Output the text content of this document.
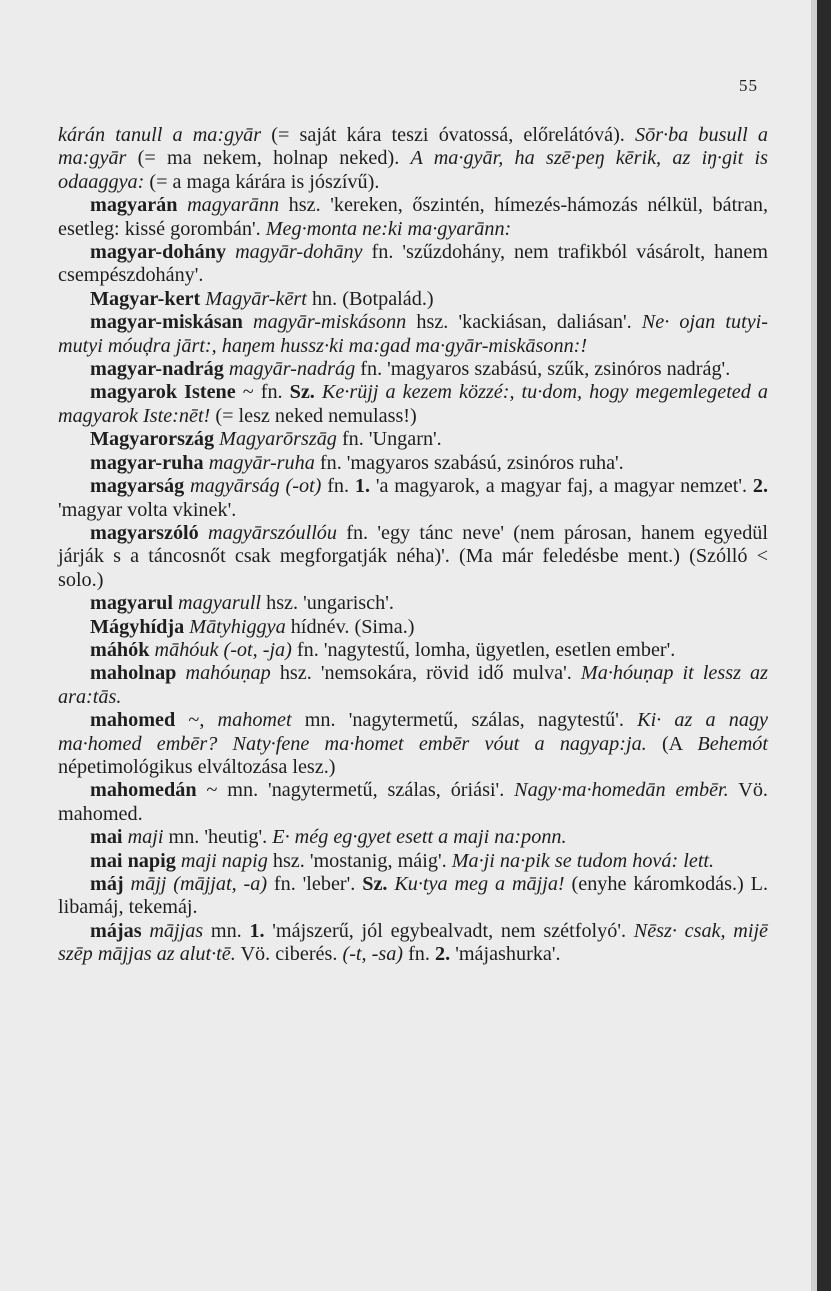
55

kárán tanull a ma:gyār (= saját kára teszi óvatossá, előrelátóvá). Sōr·ba busull a ma:gyār (= ma nekem, holnap neked). A ma·gyār, ha szē·peŋ kērik, az iŋ·git is odaaggya: (= a maga kárára is jószívű).

magyarán magyarānn hsz. 'kereken, őszintén, hímezés-hámozás nélkül, bátran, esetleg: kissé gorombán'. Meg·monta ne:ki ma·gyarānn:

magyar-dohány magyār-dohāny fn. 'szűzdohány, nem trafikból vásárolt, hanem csempészdohány'.

Magyar-kert Magyār-kērt hn. (Botpalád.)

magyar-miskásan magyār-miskásonn hsz. 'kackiásan, daliásan'. Ne· ojan tutyi-mutyi móuḑra jārt:, haŋem hussz·ki ma:gad ma·gyār-miskāsonn:!

magyar-nadrág magyār-nadrág fn. 'magyaros szabású, szűk, zsinóros nadrág'.

magyarok Istene ~ fn. Sz. Ke·rüjj a kezem közzé:, tu·dom, hogy megemlegeted a magyarok Iste:nēt! (= lesz neked nemulass!)

Magyarország Magyarōrszāg fn. 'Ungarn'.

magyar-ruha magyār-ruha fn. 'magyaros szabású, zsinóros ruha'.

magyarság magyārság (-ot) fn. 1. 'a magyarok, a magyar faj, a magyar nemzet'. 2. 'magyar volta vkinek'.

magyarszóló magyārszóullóu fn. 'egy tánc neve' (nem párosan, hanem egyedül járják s a táncosnőt csak megforgatják néha)'. (Ma már feledésbe ment.) (Szólló < solo.)

magyarul magyarull hsz. 'ungarisch'.

Mágyhídja Mātyhiggya hídnév. (Sima.)

máhók māhóuk (-ot, -ja) fn. 'nagytestű, lomha, ügyetlen, esetlen ember'.

maholnap mahóuṇap hsz. 'nemsokára, rövid idő mulva'. Ma·hóuṇap it lessz az ara:tās.

mahomed ~, mahomet mn. 'nagytermetű, szálas, nagytestű'. Ki· az a nagy ma·homed embēr? Naty·fene ma·homet embēr vóut a nagyap:ja. (A Behemót népetimológikus elváltozása lesz.)

mahomedán ~ mn. 'nagytermetű, szálas, óriási'. Nagy·ma·homedān embēr. Vö. mahomed.

mai maji mn. 'heutig'. E· még eg·gyet esett a maji na:ponn.

mai napig maji napig hsz. 'mostanig, máig'. Ma·ji na·pik se tudom hová: lett.

máj mājj (mājjat, -a) fn. 'leber'. Sz. Ku·tya meg a mājja! (enyhe káromkodás.) L. libamáj, tekemáj.

májas mājjas mn. 1. 'májszerű, jól egybealvadt, nem szétfolyó'. Nēsz· csak, mijē szēp mājjas az alut·tē. Vö. ciberés. (-t, -sa) fn. 2. 'májashurka'.
